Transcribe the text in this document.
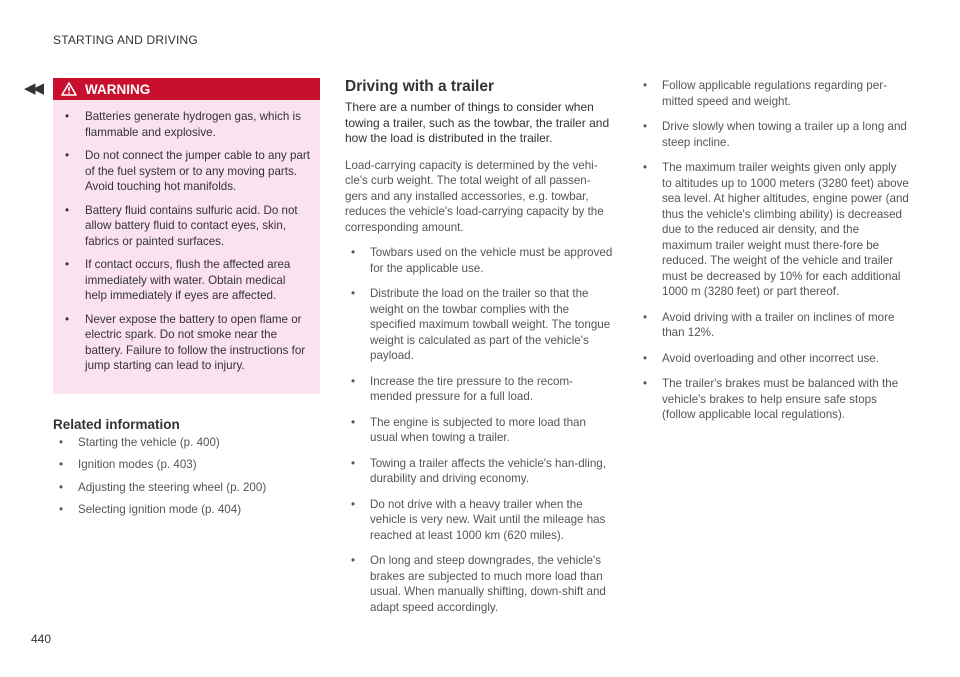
STARTING AND DRIVING
◀◀
440
WARNING
• Batteries generate hydrogen gas, which is flammable and explosive.
• Do not connect the jumper cable to any part of the fuel system or to any moving parts. Avoid touching hot manifolds.
• Battery fluid contains sulfuric acid. Do not allow battery fluid to contact eyes, skin, fabrics or painted surfaces.
• If contact occurs, flush the affected area immediately with water. Obtain medical help immediately if eyes are affected.
• Never expose the battery to open flame or electric spark. Do not smoke near the battery. Failure to follow the instructions for jump starting can lead to injury.
Related information
• Starting the vehicle (p. 400)
• Ignition modes (p. 403)
• Adjusting the steering wheel (p. 200)
• Selecting ignition mode (p. 404)
Driving with a trailer

There are a number of things to consider when towing a trailer, such as the towbar, the trailer and how the load is distributed in the trailer.

Load-carrying capacity is determined by the vehi-cle's curb weight. The total weight of all passen-gers and any installed accessories, e.g. towbar, reduces the vehicle's load-carrying capacity by the corresponding amount.

• Towbars used on the vehicle must be approved for the applicable use.
• Distribute the load on the trailer so that the weight on the towbar complies with the specified maximum towball weight. The tongue weight is calculated as part of the vehicle's payload.
• Increase the tire pressure to the recom-mended pressure for a full load.
• The engine is subjected to more load than usual when towing a trailer.
• Towing a trailer affects the vehicle's han-dling, durability and driving economy.
• Do not drive with a heavy trailer when the vehicle is very new. Wait until the mileage has reached at least 1000 km (620 miles).
• On long and steep downgrades, the vehicle's brakes are subjected to much more load than usual. When manually shifting, down-shift and adapt speed accordingly.
• Follow applicable regulations regarding per-mitted speed and weight.
• Drive slowly when towing a trailer up a long and steep incline.
• The maximum trailer weights given only apply to altitudes up to 1000 meters (3280 feet) above sea level. At higher altitudes, engine power (and thus the vehicle's climbing ability) is decreased due to the reduced air density, and the maximum trailer weight must there-fore be reduced. The weight of the vehicle and trailer must be decreased by 10% for each additional 1000 m (3280 feet) or part thereof.
• Avoid driving with a trailer on inclines of more than 12%.
• Avoid overloading and other incorrect use.
• The trailer's brakes must be balanced with the vehicle's brakes to help ensure safe stops (follow applicable local regulations).
